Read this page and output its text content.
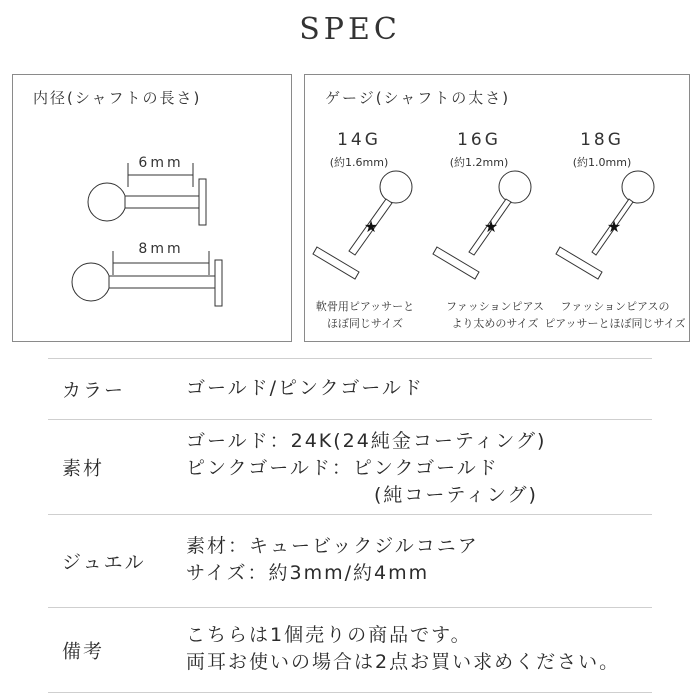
SPEC
内径(シャフトの長さ)
6mm
8mm
ゲージ(シャフトの太さ)
14G
(約1.6mm)
★
軟骨用ピアッサーと
ほぼ同じサイズ
16G
(約1.2mm)
★
ファッションピアス
より太めのサイズ
18G
(約1.0mm)
★
ファッションピアスの
ピアッサーとほぼ同じサイズ
カラー	ゴールド/ピンクゴールド
素材
ゴールド：24K(24純金コーティング)
ピンクゴールド：ピンクゴールド
(純コーティング)
ジュエル
素材：キュービックジルコニア
サイズ：約3mm/約4mm
備考
こちらは1個売りの商品です。
両耳お使いの場合は2点お買い求めください。
